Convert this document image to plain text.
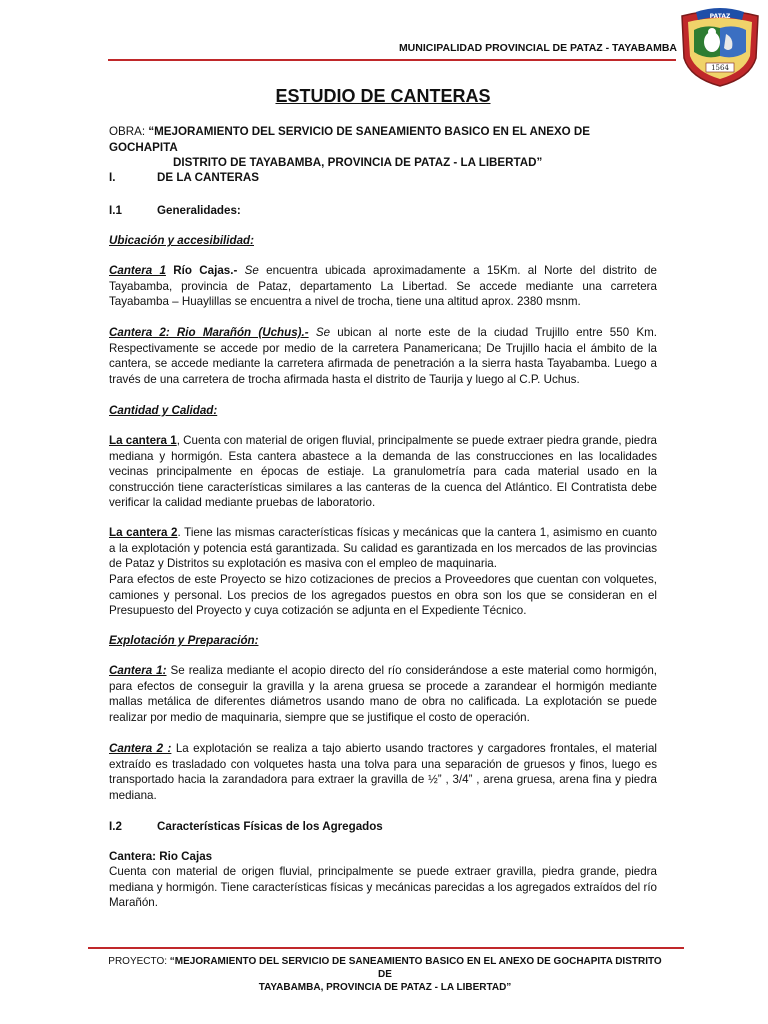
MUNICIPALIDAD PROVINCIAL DE PATAZ - TAYABAMBA
PATAZ
1564
ESTUDIO DE CANTERAS
OBRA: “MEJORAMIENTO DEL SERVICIO DE SANEAMIENTO BASICO EN EL ANEXO DE GOCHAPITA
DISTRITO DE TAYABAMBA, PROVINCIA DE PATAZ - LA LIBERTAD”
I.	DE LA CANTERAS
I.1	Generalidades:
Ubicación y accesibilidad:
Cantera 1 Río Cajas.- Se encuentra ubicada aproximadamente a 15Km. al Norte del distrito de Tayabamba, provincia de Pataz, departamento La Libertad. Se accede mediante una carretera Tayabamba – Huaylillas se encuentra a nivel de trocha, tiene una altitud aprox. 2380 msnm.
Cantera 2: Rio Marañón (Uchus).- Se ubican al norte este de la ciudad Trujillo entre 550 Km. Respectivamente se accede por medio de la carretera Panamericana; De Trujillo hacia el ámbito de la cantera, se accede mediante la carretera afirmada de penetración a la sierra hasta Tayabamba. Luego a través de una carretera de trocha afirmada hasta el distrito de Taurija y luego al C.P. Uchus.
Cantidad y Calidad:
La cantera 1, Cuenta con material de origen fluvial, principalmente se puede extraer piedra grande, piedra mediana y hormigón. Esta cantera abastece a la demanda de las construcciones en las localidades vecinas principalmente en épocas de estiaje. La granulometría para cada material usado en la construcción tiene características similares a las canteras de la cuenca del Atlántico. El Contratista debe verificar la calidad mediante pruebas de laboratorio.
La cantera 2. Tiene las mismas características físicas y mecánicas que la cantera 1, asimismo en cuanto a la explotación y potencia está garantizada. Su calidad es garantizada en los mercados de las provincias de Pataz y Distritos su explotación es masiva con el empleo de maquinaria.
Para efectos de este Proyecto se hizo cotizaciones de precios a Proveedores que cuentan con volquetes, camiones y personal. Los precios de los agregados puestos en obra son los que se consideran en el Presupuesto del Proyecto y cuya cotización se adjunta en el Expediente Técnico.
Explotación y Preparación:
Cantera 1: Se realiza mediante el acopio directo del río considerándose a este material como hormigón, para efectos de conseguir la gravilla y la arena gruesa se procede a zarandear el hormigón mediante mallas metálica de diferentes diámetros usando mano de obra no calificada. La explotación se puede realizar por medio de maquinaria, siempre que se justifique el costo de operación.
Cantera 2 : La explotación se realiza a tajo abierto usando tractores y cargadores frontales, el material extraído es trasladado con volquetes hasta una tolva para una separación de gruesos y finos, luego es transportado hacia la zarandadora para extraer la gravilla de ½” , 3/4” , arena gruesa, arena fina y piedra mediana.
I.2	Características Físicas de los Agregados
Cantera: Rio Cajas
Cuenta con material de origen fluvial, principalmente se puede extraer gravilla, piedra grande, piedra mediana y hormigón. Tiene características físicas y mecánicas parecidas a los agregados extraídos del río Marañón.
PROYECTO: “MEJORAMIENTO DEL SERVICIO DE SANEAMIENTO BASICO EN EL ANEXO DE GOCHAPITA DISTRITO DE
TAYABAMBA, PROVINCIA DE PATAZ - LA LIBERTAD”
